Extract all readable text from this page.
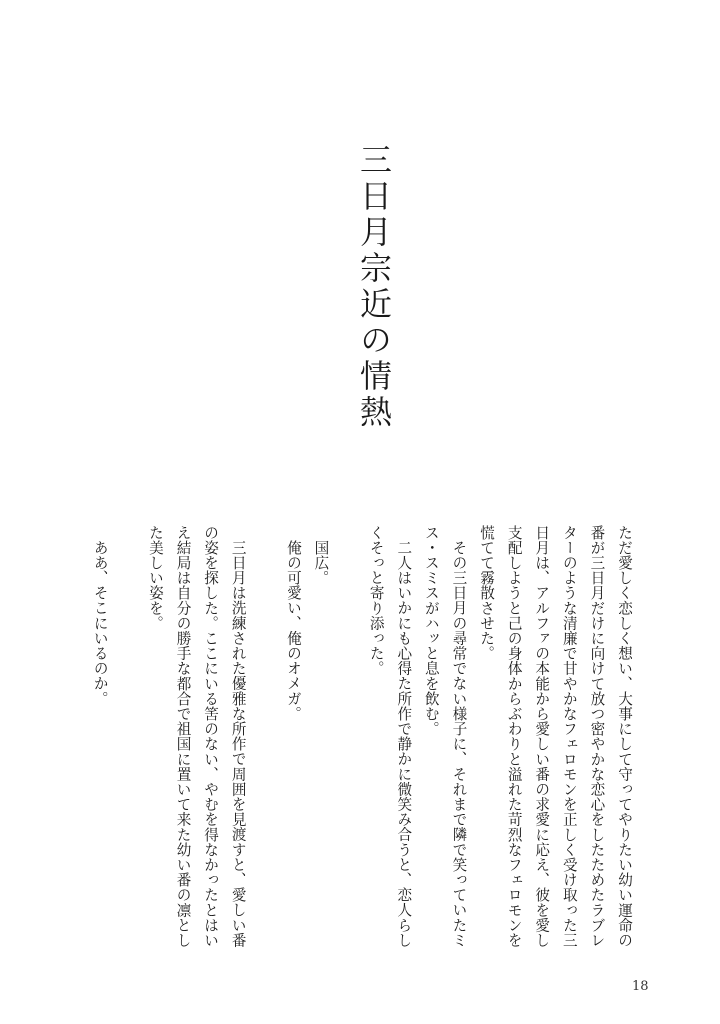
三日月宗近の情熱

ただ愛しく恋しく想い、大事にして守ってやりたい幼い運命の番が三日月だけに向けて放つ密やかな恋心をしたためたラブレターのような清廉で甘やかなフェロモンを正しく受け取った三日月は、アルファの本能から愛しい番の求愛に応え、彼を愛し支配しようと己の身体からぶわりと溢れた苛烈なフェロモンを慌てて霧散させた。

その三日月の尋常でない様子に、それまで隣で笑っていたミス・スミスがハッと息を飲む。

二人はいかにも心得た所作で静かに微笑み合うと、恋人らしくそっと寄り添った。

国広。

俺の可愛い、俺のオメガ。

三日月は洗練された優雅な所作で周囲を見渡すと、愛しい番の姿を探した。ここにいる筈のない、やむを得なかったとはいえ結局は自分の勝手な都合で祖国に置いて来た幼い番の凛とした美しい姿を。

ああ、そこにいるのか。

18
